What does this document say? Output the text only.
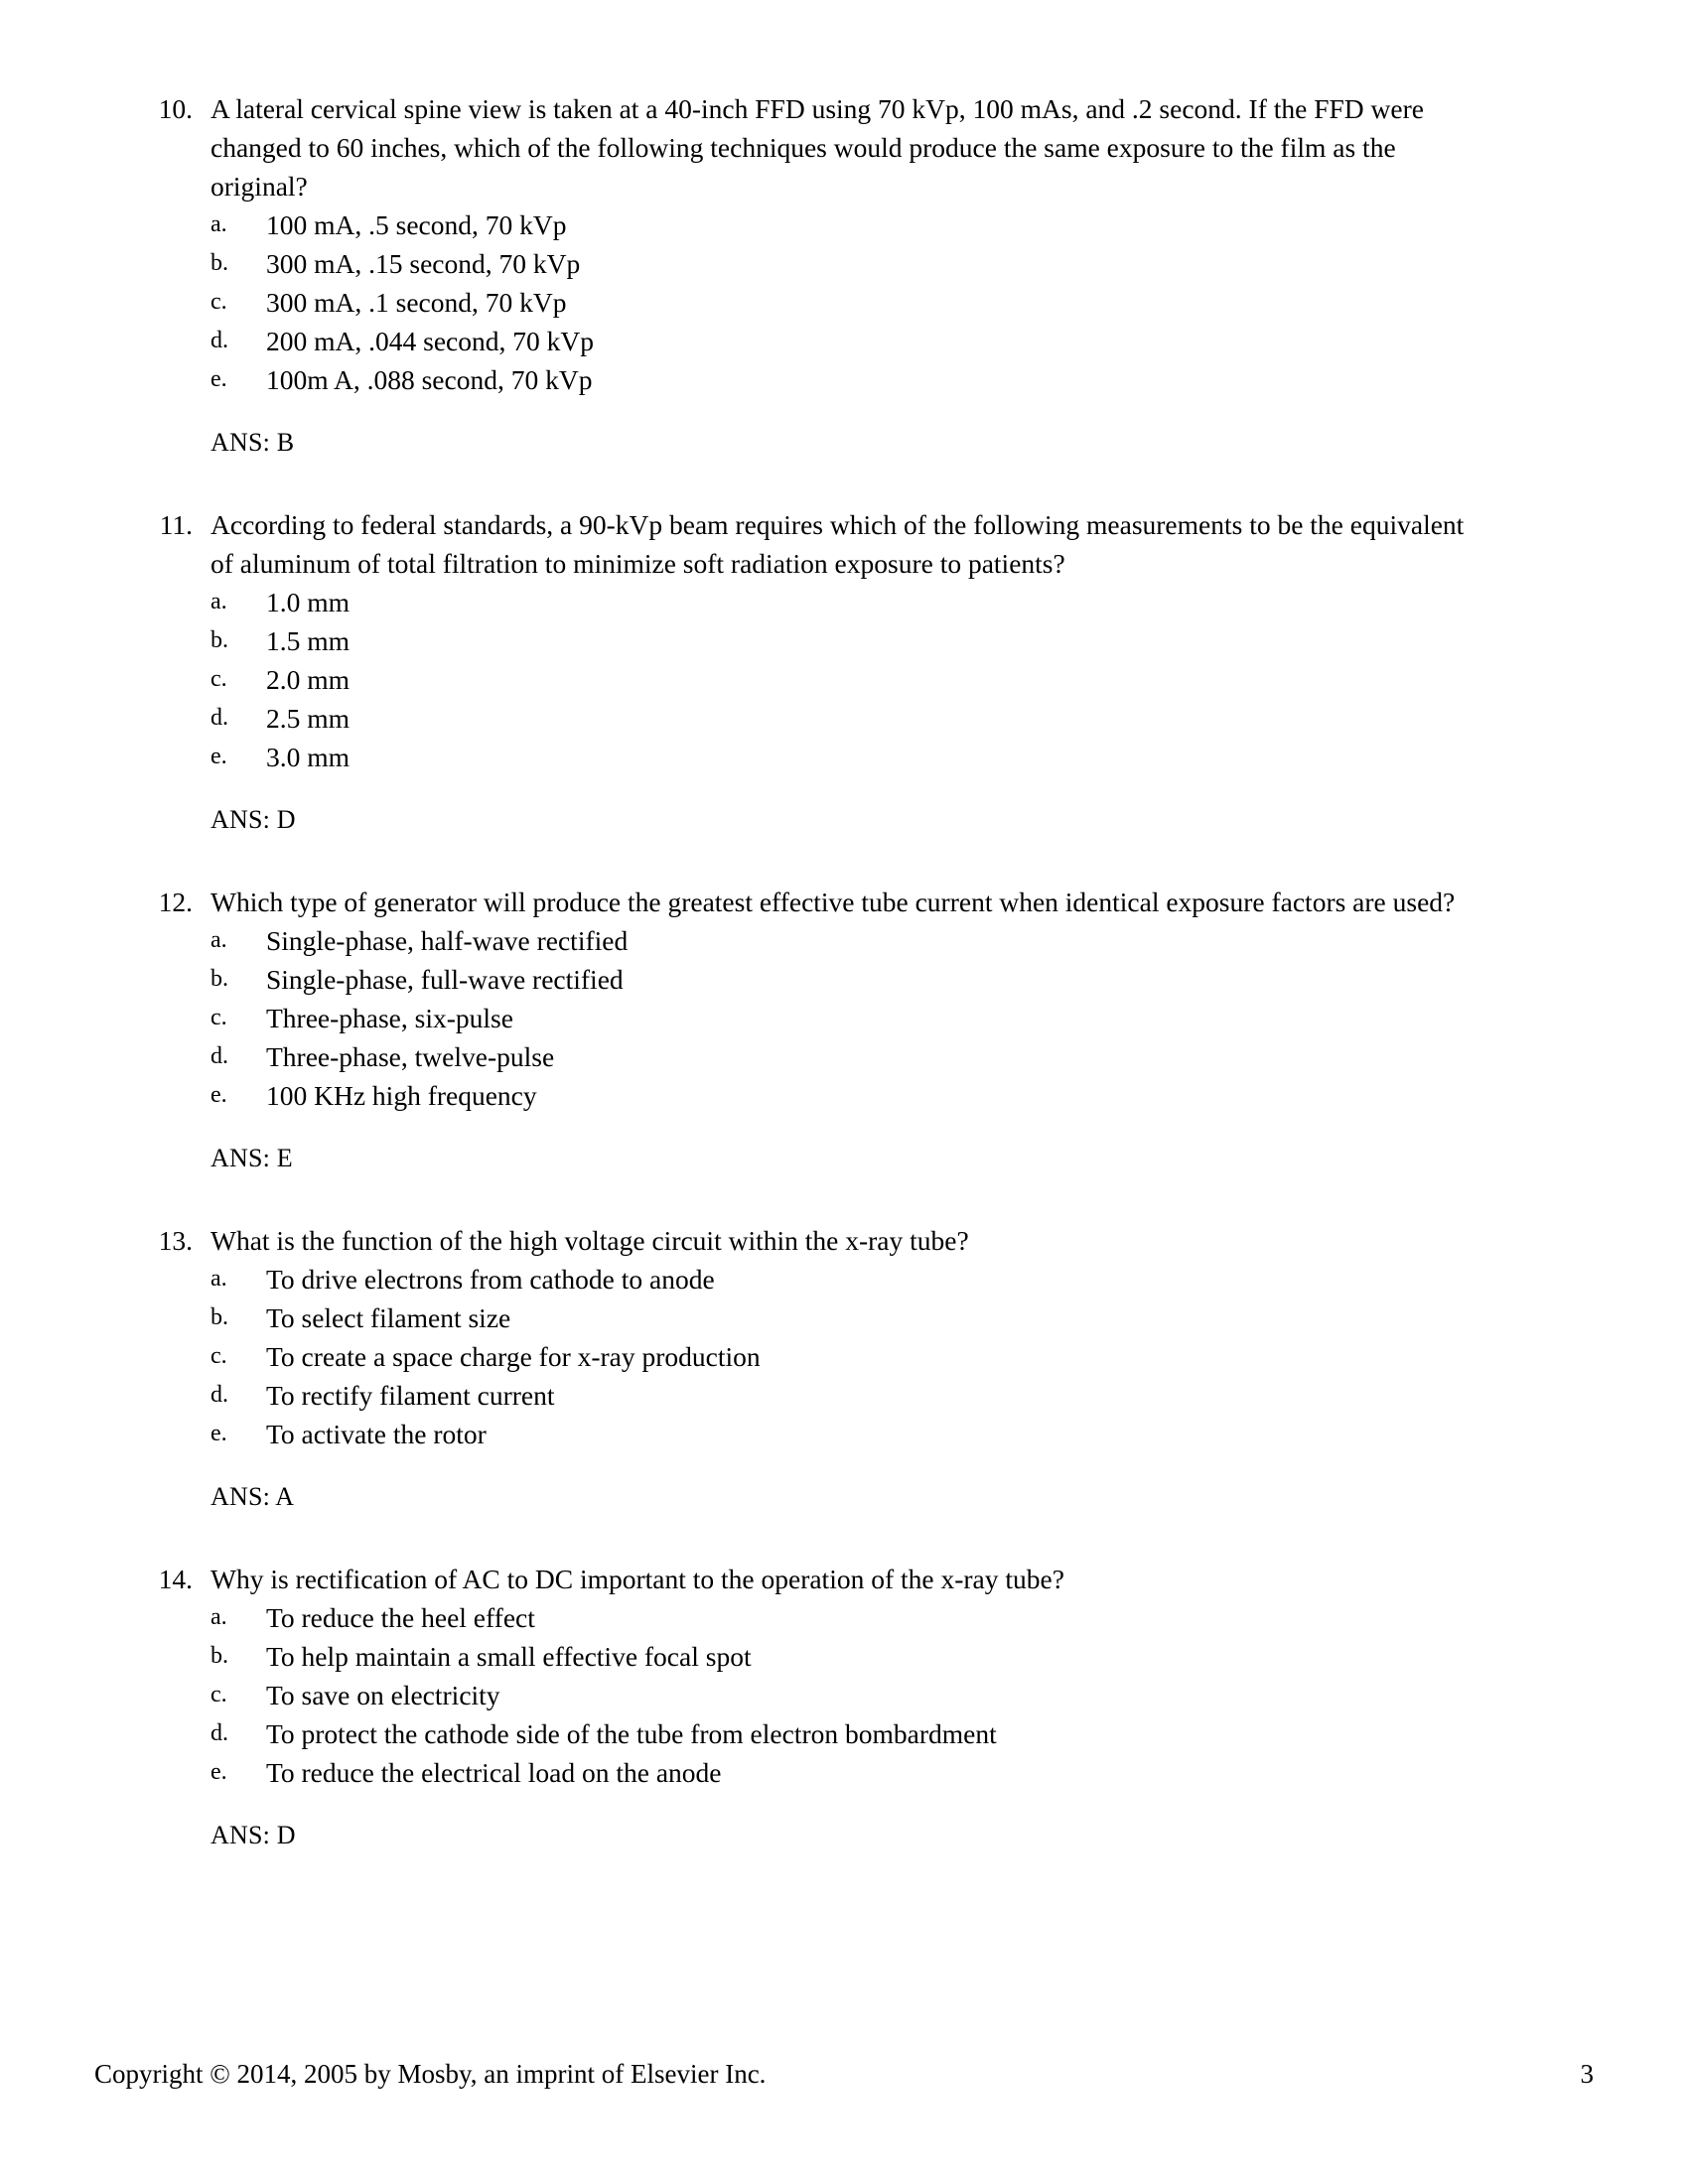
10. A lateral cervical spine view is taken at a 40-inch FFD using 70 kVp, 100 mAs, and .2 second. If the FFD were changed to 60 inches, which of the following techniques would produce the same exposure to the film as the original?

a.	100 mA, .5 second, 70 kVp
b.	300 mA, .15 second, 70 kVp
c.	300 mA, .1 second, 70 kVp
d.	200 mA, .044 second, 70 kVp
e.	100m A, .088 second, 70 kVp
ANS: B
11. According to federal standards, a 90-kVp beam requires which of the following measurements to be the equivalent of aluminum of total filtration to minimize soft radiation exposure to patients?

a.	1.0 mm
b.	1.5 mm
c.	2.0 mm
d.	2.5 mm
e.	3.0 mm
ANS: D
12. Which type of generator will produce the greatest effective tube current when identical exposure factors are used?

a.	Single-phase, half-wave rectified
b.	Single-phase, full-wave rectified
c.	Three-phase, six-pulse
d.	Three-phase, twelve-pulse
e.	100 KHz high frequency
ANS: E
13. What is the function of the high voltage circuit within the x-ray tube?

a.	To drive electrons from cathode to anode
b.	To select filament size
c.	To create a space charge for x-ray production
d.	To rectify filament current
e.	To activate the rotor
ANS: A
14. Why is rectification of AC to DC important to the operation of the x-ray tube?

a.	To reduce the heel effect
b.	To help maintain a small effective focal spot
c.	To save on electricity
d.	To protect the cathode side of the tube from electron bombardment
e.	To reduce the electrical load on the anode
ANS: D
Copyright © 2014, 2005 by Mosby, an imprint of Elsevier Inc.	3
